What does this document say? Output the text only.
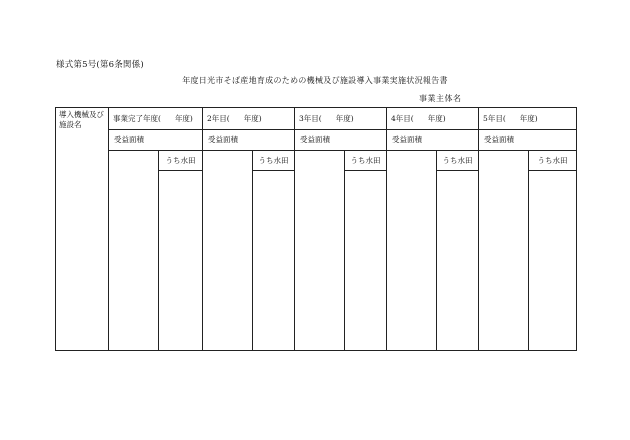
様式第5号(第6条関係)
年度日光市そば産地育成のための機械及び施設導入事業実施状況報告書
事業主体名
導入機械及び施設名	事業完了年度( 年度)		2年目( 年度)		3年目( 年度)		4年目( 年度)		5年目( 年度)	
	受益面積		受益面積		受益面積		受益面積		受益面積	
		うち水田		うち水田		うち水田		うち水田		うち水田
